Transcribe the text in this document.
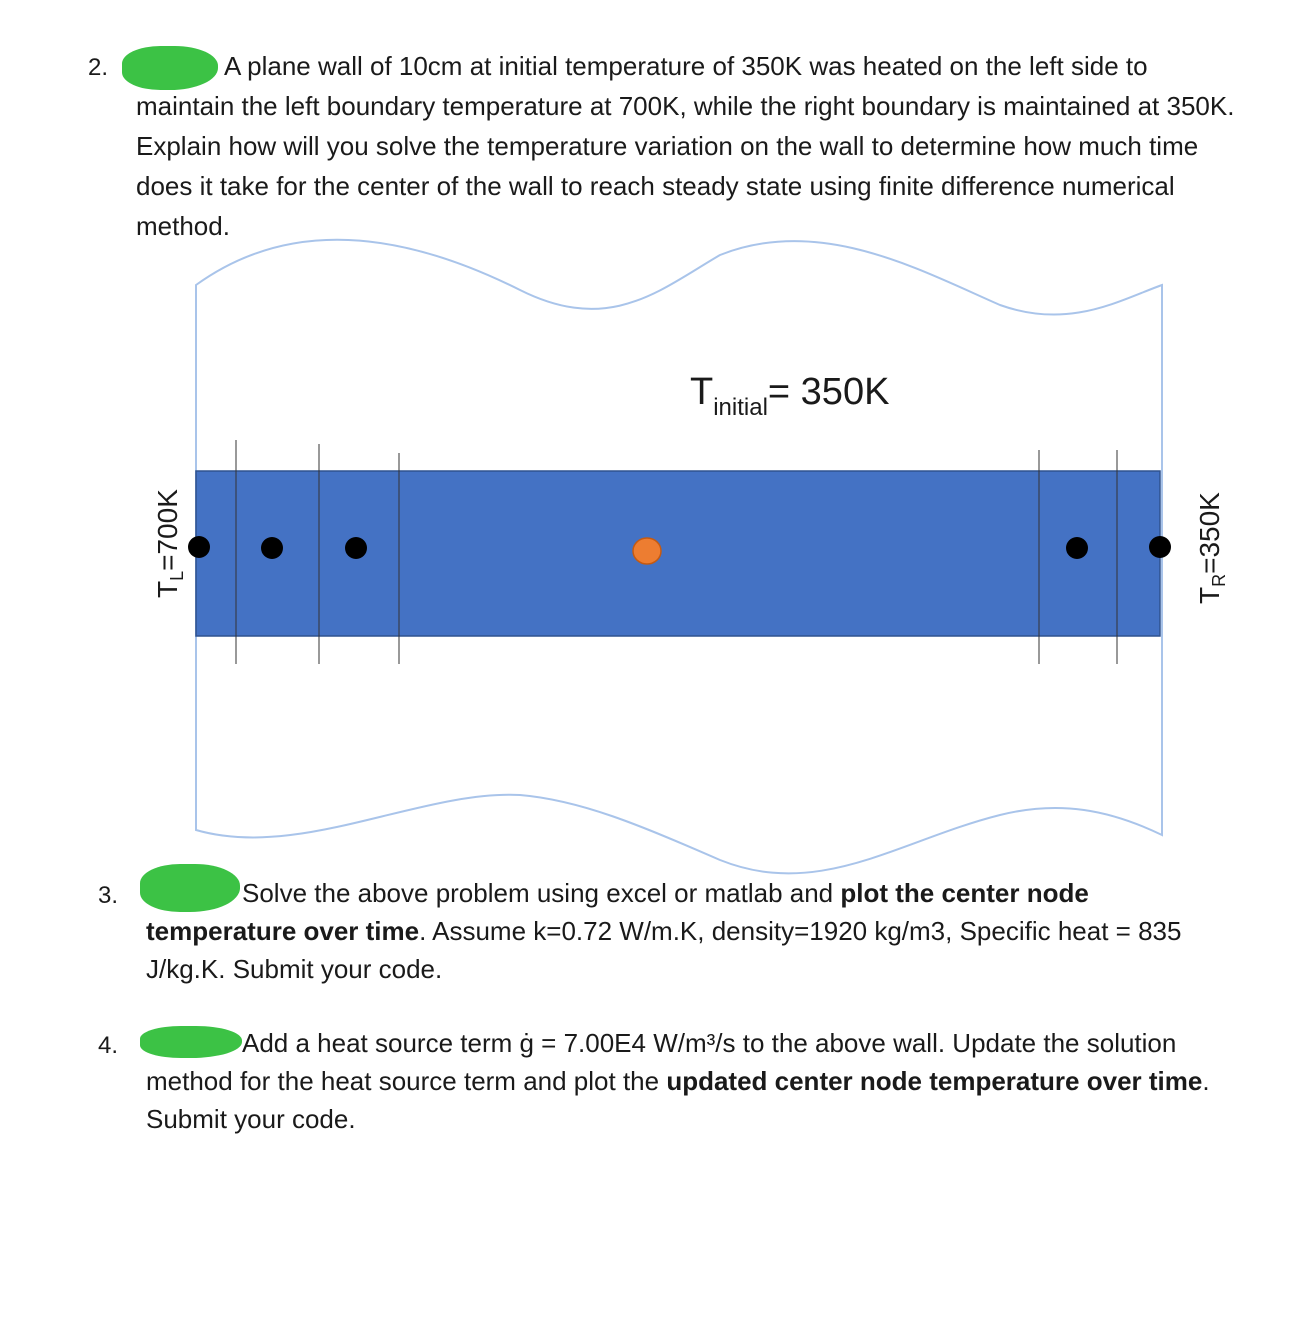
2.	A plane wall of 10cm at initial temperature of 350K was heated on the left side to maintain the left boundary temperature at 700K, while the right boundary is maintained at 350K. Explain how will you solve the temperature variation on the wall to determine how much time does it take for the center of the wall to reach steady state using finite difference numerical method.

$T_{initial}= 350K$
$T_L=700K$
$T_R=350K$
3.	Solve the above problem using excel or matlab and plot the center node temperature over time. Assume k=0.72 W/m.K, density=1920 kg/m3, Specific heat = 835 J/kg.K. Submit your code.

4.	Add a heat source term ġ = 7.00E4 W/m³/s to the above wall. Update the solution method for the heat source term and plot the updated center node temperature over time. Submit your code.
